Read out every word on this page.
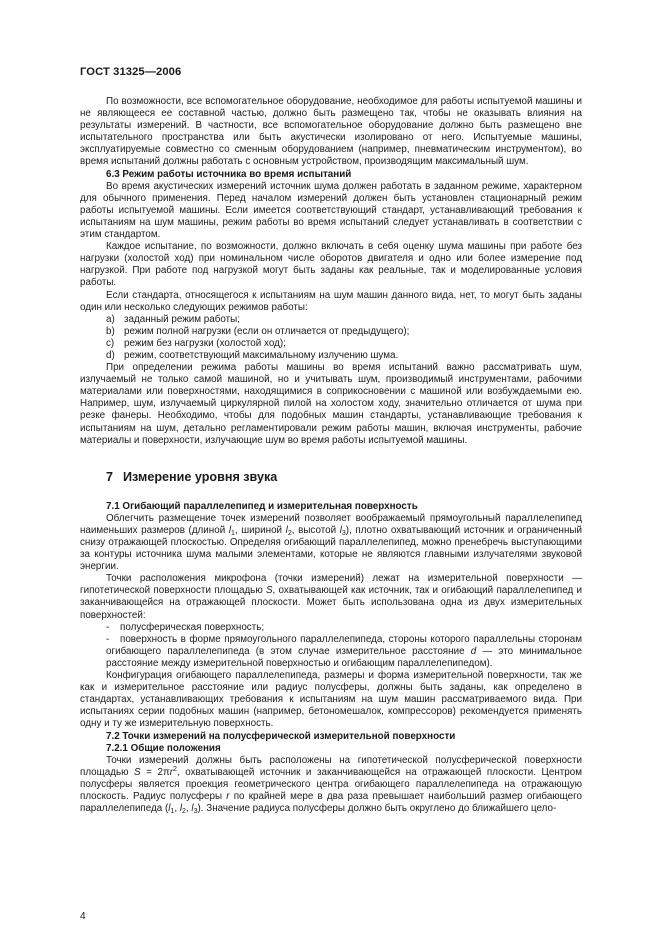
ГОСТ 31325—2006

По возможности, все вспомогательное оборудование, необходимое для работы испытуемой машины и не являющееся ее составной частью, должно быть размещено так, чтобы не оказывать влияния на результаты измерений. В частности, все вспомогательное оборудование должно быть размещено вне испытательного пространства или быть акустически изолировано от него. Испытуемые машины, эксплуатируемые совместно со сменным оборудованием (например, пневматическим инструментом), во время испытаний должны работать с основным устройством, производящим максимальный шум.

6.3 Режим работы источника во время испытаний

Во время акустических измерений источник шума должен работать в заданном режиме, характерном для обычного применения. Перед началом измерений должен быть установлен стационарный режим работы испытуемой машины. Если имеется соответствующий стандарт, устанавливающий требования к испытаниям на шум машины, режим работы во время испытаний следует устанавливать в соответствии с этим стандартом.

Каждое испытание, по возможности, должно включать в себя оценку шума машины при работе без нагрузки (холостой ход) при номинальном числе оборотов двигателя и одно или более измерение под нагрузкой. При работе под нагрузкой могут быть заданы как реальные, так и моделированные условия работы.

Если стандарта, относящегося к испытаниям на шум машин данного вида, нет, то могут быть заданы один или несколько следующих режимов работы:

a) заданный режим работы;
b) режим полной нагрузки (если он отличается от предыдущего);
c) режим без нагрузки (холостой ход);
d) режим, соответствующий максимальному излучению шума.

При определении режима работы машины во время испытаний важно рассматривать шум, излучаемый не только самой машиной, но и учитывать шум, производимый инструментами, рабочими материалами или поверхностями, находящимися в соприкосновении с машиной или возбуждаемыми ею. Например, шум, излучаемый циркулярной пилой на холостом ходу, значительно отличается от шума при резке фанеры. Необходимо, чтобы для подобных машин стандарты, устанавливающие требования к испытаниям на шум, детально регламентировали режим работы машин, включая инструменты, рабочие материалы и поверхности, излучающие шум во время работы испытуемой машины.

7 Измерение уровня звука
7.1 Огибающий параллелепипед и измерительная поверхность

Облегчить размещение точек измерений позволяет воображаемый прямоугольный параллелепипед наименьших размеров (длиной $l_1$, шириной $l_2$, высотой $l_3$), плотно охватывающий источник и ограниченный снизу отражающей плоскостью. Определяя огибающий параллелепипед, можно пренебречь выступающими за контуры источника шума малыми элементами, которые не являются главными излучателями звуковой энергии.

Точки расположения микрофона (точки измерений) лежат на измерительной поверхности — гипотетической поверхности площадью S, охватывающей как источник, так и огибающий параллелепипед и заканчивающейся на отражающей плоскости. Может быть использована одна из двух измерительных поверхностей:

- полусферическая поверхность;
- поверхность в форме прямоугольного параллелепипеда, стороны которого параллельны сторонам огибающего параллелепипеда (в этом случае измерительное расстояние d — это минимальное расстояние между измерительной поверхностью и огибающим параллелепипедом).

Конфигурация огибающего параллелепипеда, размеры и форма измерительной поверхности, так же как и измерительное расстояние или радиус полусферы, должны быть заданы, как определено в стандартах, устанавливающих требования к испытаниям на шум машин рассматриваемого вида. При испытаниях серии подобных машин (например, бетономешалок, компрессоров) рекомендуется применять одну и ту же измерительную поверхность.

7.2 Точки измерений на полусферической измерительной поверхности
7.2.1 Общие положения

Точки измерений должны быть расположены на гипотетической полусферической поверхности площадью $S = 2\pi r^2$, охватывающей источник и заканчивающейся на отражающей плоскости. Центром полусферы является проекция геометрического центра огибающего параллелепипеда на отражающую плоскость. Радиус полусферы r по крайней мере в два раза превышает наибольший размер огибающего параллелепипеда ($l_1$, $l_2$, $l_3$). Значение радиуса полусферы должно быть округлено до ближайшего цело-

4
